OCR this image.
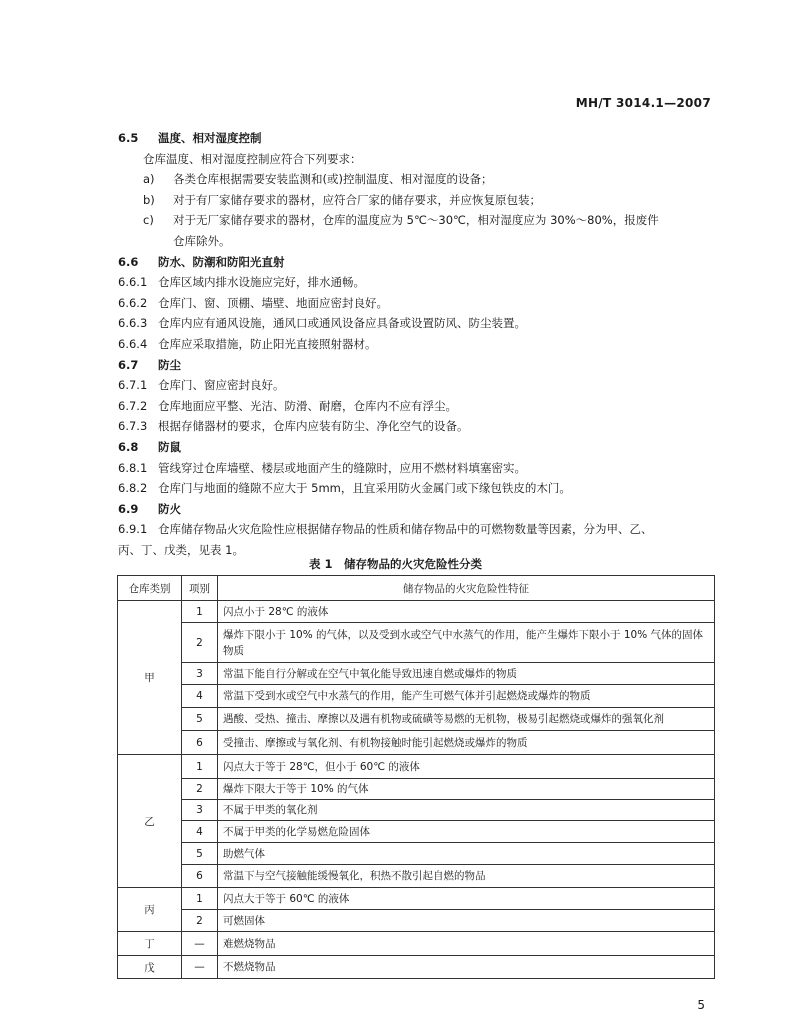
MH/T 3014.1—2007
6.5 温度、相对湿度控制
仓库温度、相对湿度控制应符合下列要求：
a) 各类仓库根据需要安装监测和(或)控制温度、相对湿度的设备；
b) 对于有厂家储存要求的器材，应符合厂家的储存要求，并应恢复原包装；
c) 对于无厂家储存要求的器材，仓库的温度应为 5℃～30℃，相对湿度应为 30%～80%，报废件
仓库除外。
6.6 防水、防潮和防阳光直射
6.6.1 仓库区域内排水设施应完好，排水通畅。
6.6.2 仓库门、窗、顶棚、墙壁、地面应密封良好。
6.6.3 仓库内应有通风设施，通风口或通风设备应具备或设置防风、防尘装置。
6.6.4 仓库应采取措施，防止阳光直接照射器材。
6.7 防尘
6.7.1 仓库门、窗应密封良好。
6.7.2 仓库地面应平整、光洁、防滑、耐磨，仓库内不应有浮尘。
6.7.3 根据存储器材的要求，仓库内应装有防尘、净化空气的设备。
6.8 防鼠
6.8.1 管线穿过仓库墙壁、楼层或地面产生的缝隙时，应用不燃材料填塞密实。
6.8.2 仓库门与地面的缝隙不应大于 5mm，且宜采用防火金属门或下缘包铁皮的木门。
6.9 防火
6.9.1 仓库储存物品火灾危险性应根据储存物品的性质和储存物品中的可燃物数量等因素，分为甲、乙、
丙、丁、戊类，见表 1。
表 1　储存物品的火灾危险性分类
仓库类别	项别	储存物品的火灾危险性特征
甲	1	闪点小于 28℃ 的液体
	2	爆炸下限小于 10% 的气体，以及受到水或空气中水蒸气的作用，能产生爆炸下限小于 10% 气体的固体物质
	3	常温下能自行分解或在空气中氧化能导致迅速自燃或爆炸的物质
	4	常温下受到水或空气中水蒸气的作用，能产生可燃气体并引起燃烧或爆炸的物质
	5	遇酸、受热、撞击、摩擦以及遇有机物或硫磺等易燃的无机物，极易引起燃烧或爆炸的强氧化剂
	6	受撞击、摩擦或与氧化剂、有机物接触时能引起燃烧或爆炸的物质
乙	1	闪点大于等于 28℃，但小于 60℃ 的液体
	2	爆炸下限大于等于 10% 的气体
	3	不属于甲类的氧化剂
	4	不属于甲类的化学易燃危险固体
	5	助燃气体
	6	常温下与空气接触能缓慢氧化，积热不散引起自燃的物品
丙	1	闪点大于等于 60℃ 的液体
	2	可燃固体
丁	—	难燃烧物品
戊	—	不燃烧物品
5
